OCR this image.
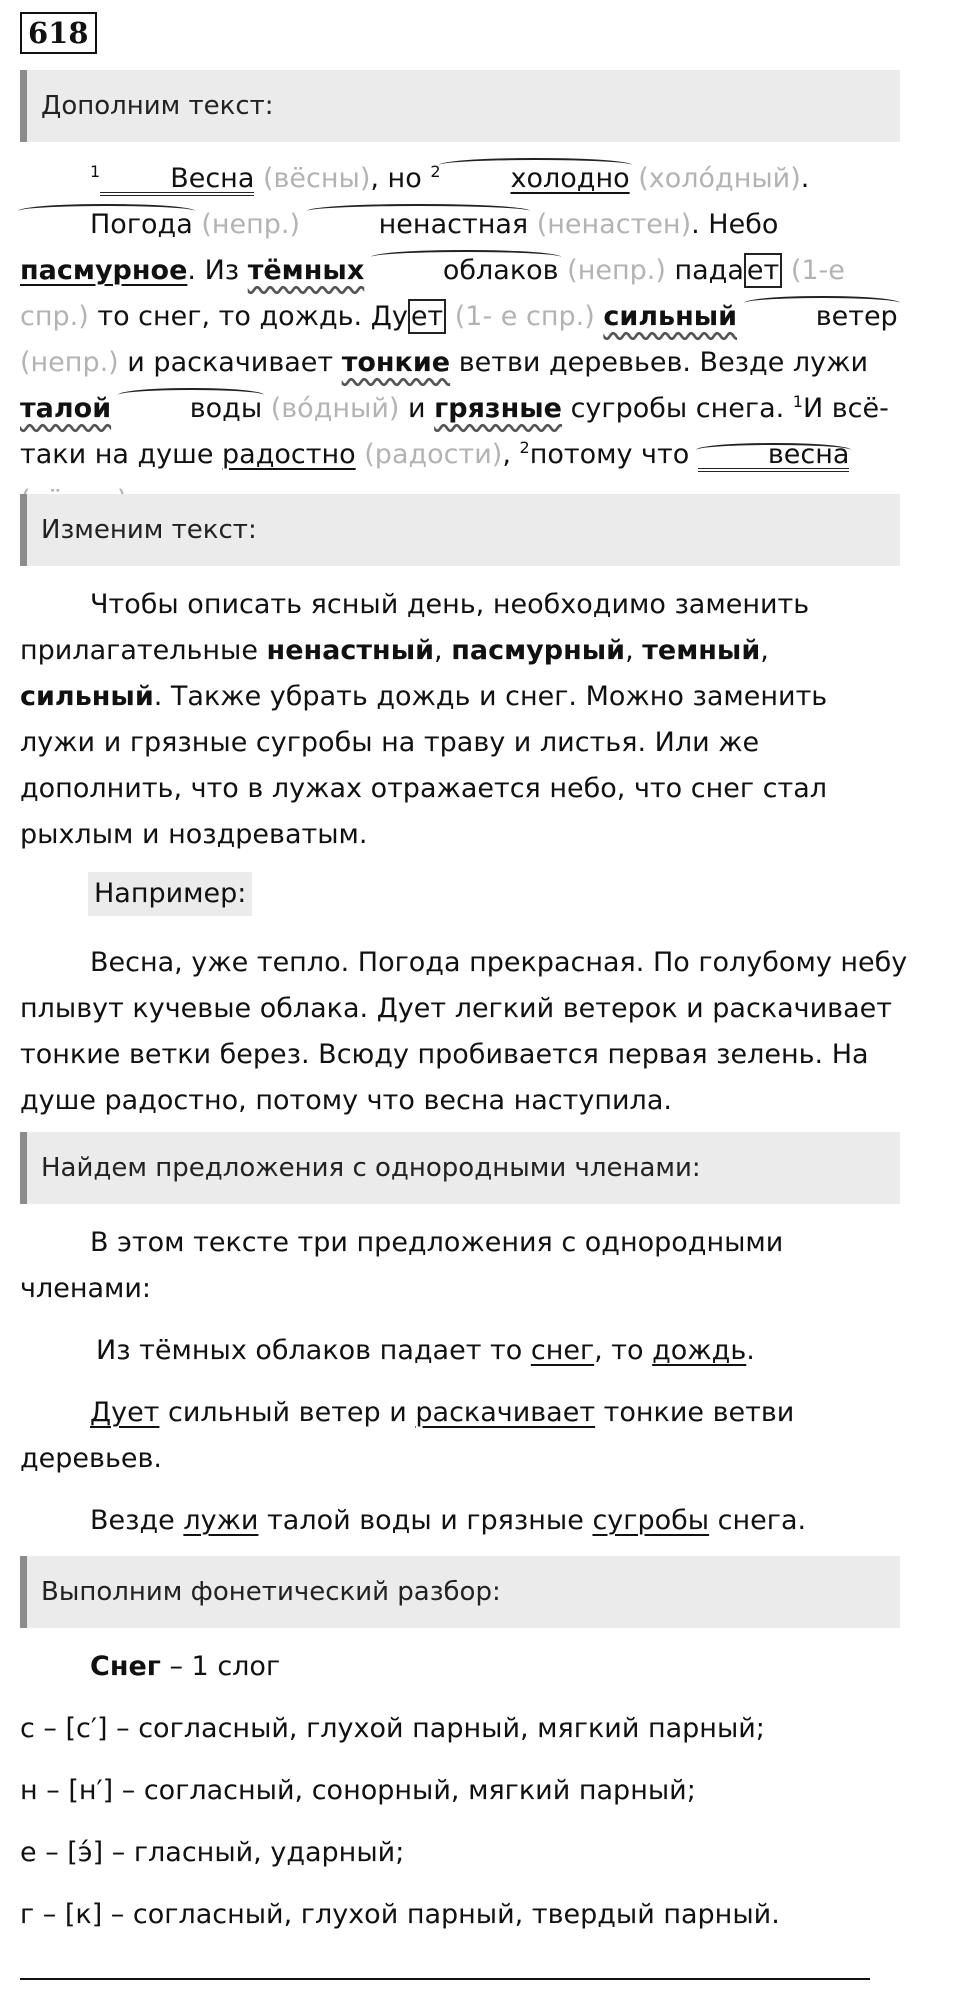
618
Дополним текст:
$^1$	Весна (вёсны), но $^2$	холодно (холóдный). Погода (непр.)	ненастная (ненастен). Небо пасмурное. Из тёмных	облаков (непр.) пада ет (1-е спр.) то снег, то дождь. Ду ет (1- е спр.) сильный	ветер (непр.) и раскачивает тонкие ветви деревьев. Везде лужи талой	воды (вóдный) и грязные сугробы снега. $^1$И всё-таки на душе радостно (радости), $^2$потому что	весна
Изменим текст:
Чтобы описать ясный день, необходимо заменить прилагательные ненастный, пасмурный, темный, сильный. Также убрать дождь и снег. Можно заменить лужи и грязные сугробы на траву и листья. Или же дополнить, что в лужах отражается небо, что снег стал рыхлым и ноздреватым.
Например:
Весна, уже тепло. Погода прекрасная. По голубому небу плывут кучевые облака. Дует легкий ветерок и раскачивает тонкие ветки берез. Всюду пробивается первая зелень. На душе радостно, потому что весна наступила.
Найдем предложения с однородными членами:
В этом тексте три предложения с однородными членами:
Из тёмных облаков падает то снег, то дождь.
Дует сильный ветер и раскачивает тонкие ветви деревьев.
Везде лужи талой воды и грязные сугробы снега.
Выполним фонетический разбор:
Снег – 1 слог
с – [с′] – согласный, глухой парный, мягкий парный;
н – [н′] – согласный, сонорный, мягкий парный;
е – [э́] – гласный, ударный;
г – [к] – согласный, глухой парный, твердый парный.
